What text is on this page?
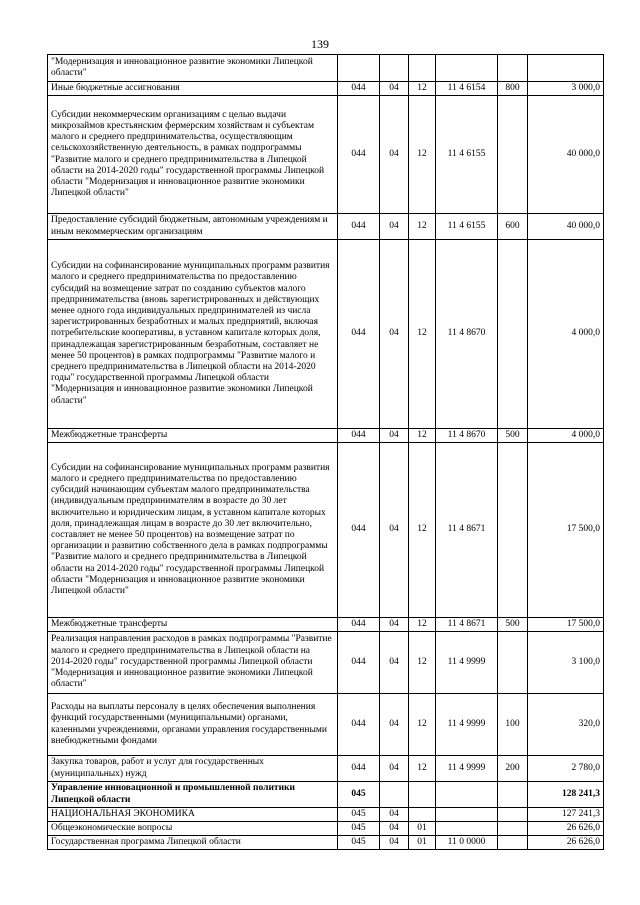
139
"Модернизация и инновационное развитие экономики Липецкой области"						
Иные бюджетные ассигнования	044	04	12	11 4 6154	800	3 000,0
Субсидии некоммерческим организациям с целью выдачи микрозаймов крестьянским фермерским хозяйствам и субъектам малого и среднего предпринимательства, осуществляющим сельскохозяйственную деятельность, в рамках подпрограммы "Развитие малого и среднего предпринимательства в Липецкой области на 2014-2020 годы" государственной программы Липецкой области "Модернизация и инновационное развитие экономики Липецкой области"	044	04	12	11 4 6155		40 000,0
Предоставление субсидий бюджетным, автономным учреждениям и иным некоммерческим организациям	044	04	12	11 4 6155	600	40 000,0
Субсидии на софинансирование муниципальных программ развития малого и среднего предпринимательства по предоставлению субсидий на возмещение затрат по созданию субъектов малого предпринимательства (вновь зарегистрированных и действующих менее одного года индивидуальных предпринимателей из числа зарегистрированных безработных и малых предприятий, включая потребительские кооперативы, в уставном капитале которых доля, принадлежащая зарегистрированным безработным, составляет не менее 50 процентов) в рамках подпрограммы "Развитие малого и среднего предпринимательства в Липецкой области на 2014-2020 годы" государственной программы Липецкой области "Модернизация и инновационное развитие экономики Липецкой области"	044	04	12	11 4 8670		4 000,0
Межбюджетные трансферты	044	04	12	11 4 8670	500	4 000,0
Субсидии на софинансирование муниципальных программ развития малого и среднего предпринимательства по предоставлению субсидий начинающим субъектам малого предпринимательства (индивидуальным предпринимателям в возрасте до 30 лет включительно и юридическим лицам, в уставном капитале которых доля, принадлежащая лицам в возрасте до 30 лет включительно, составляет не менее 50 процентов) на возмещение затрат по организации и развитию собственного дела в рамках подпрограммы "Развитие малого и среднего предпринимательства в Липецкой области на 2014-2020 годы" государственной программы Липецкой области "Модернизация и инновационное развитие экономики Липецкой области"	044	04	12	11 4 8671		17 500,0
Межбюджетные трансферты	044	04	12	11 4 8671	500	17 500,0
Реализация направления расходов в рамках подпрограммы "Развитие малого и среднего предпринимательства в Липецкой области на 2014-2020 годы" государственной программы Липецкой области "Модернизация и инновационное развитие экономики Липецкой области"	044	04	12	11 4 9999		3 100,0
Расходы на выплаты персоналу в целях обеспечения выполнения функций государственными (муниципальными) органами, казенными учреждениями, органами управления государственными внебюджетными фондами	044	04	12	11 4 9999	100	320,0
Закупка товаров, работ и услуг для государственных (муниципальных) нужд	044	04	12	11 4 9999	200	2 780,0
Управление инновационной и промышленной политики Липецкой области	045					128 241,3
НАЦИОНАЛЬНАЯ ЭКОНОМИКА	045	04				127 241,3
Общеэкономические вопросы	045	04	01			26 626,0
Государственная программа Липецкой области	045	04	01	11 0 0000		26 626,0
